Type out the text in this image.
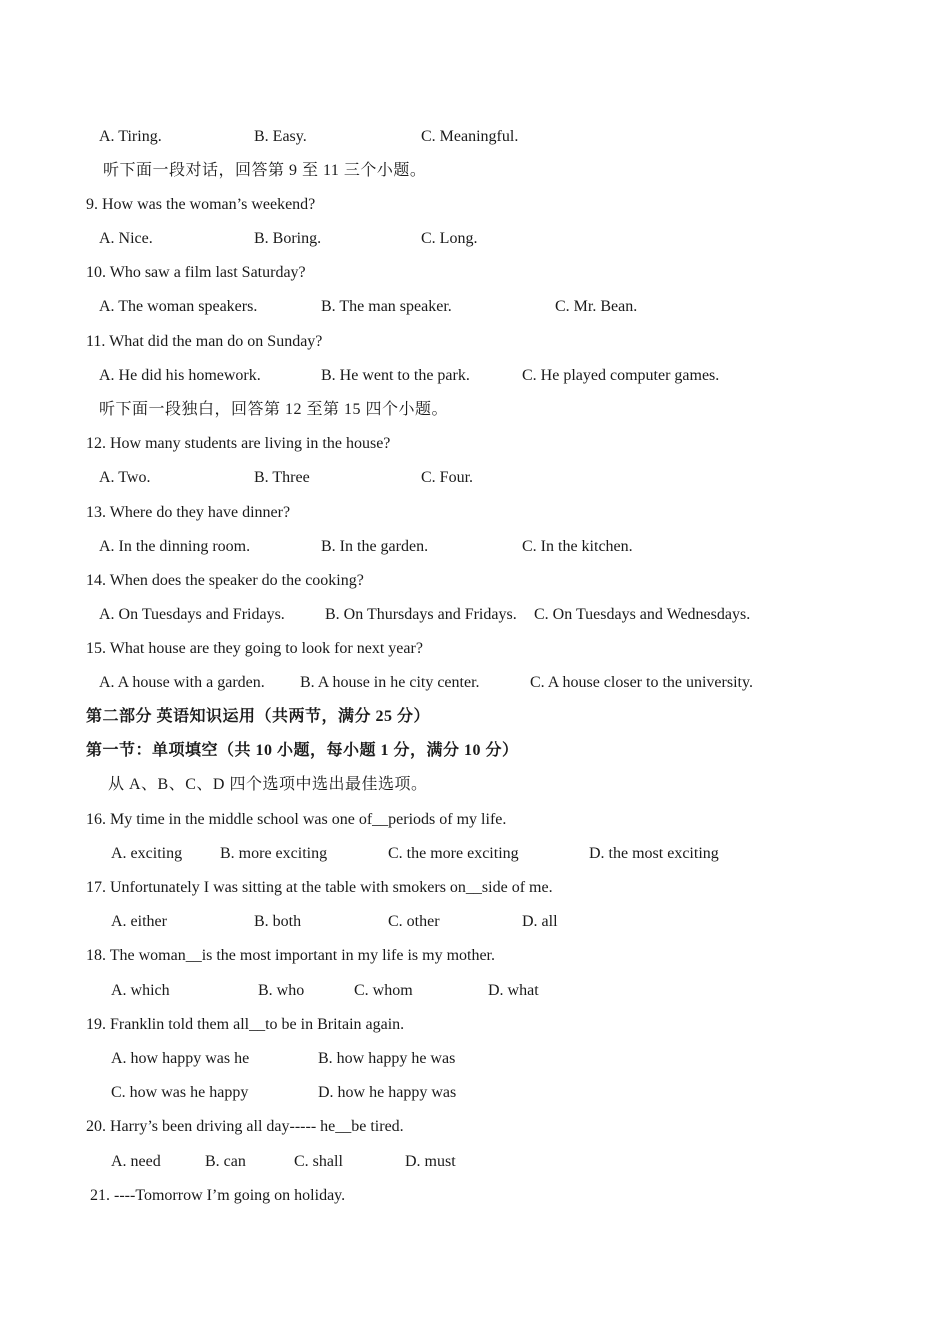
A. Tiring.	B. Easy.	C. Meaningful.
听下面一段对话，回答第 9 至 11 三个小题。
9. How was the woman’s weekend?
A. Nice.	B. Boring.	C. Long.
10. Who saw a film last Saturday?
A. The woman speakers.	B. The man speaker.	C. Mr. Bean.
11. What did the man do on Sunday?
A. He did his homework.	B. He went to the park.	C. He played computer games.
听下面一段独白，回答第 12 至第 15 四个小题。
12. How many students are living in the house?
A. Two.	B. Three	C. Four.
13. Where do they have dinner?
A. In the dinning room.	B. In the garden.	C. In the kitchen.
14. When does the speaker do the cooking?
A. On Tuesdays and Fridays.	B. On Thursdays and Fridays. C. On Tuesdays and Wednesdays.
15. What house are they going to look for next year?
A. A house with a garden. B. A house in he city center.	C. A house closer to the university.
第二部分 英语知识运用（共两节，满分 25 分）
第一节：单项填空（共 10 小题，每小题 1 分，满分 10 分）
从 A、B、C、D 四个选项中选出最佳选项。
16. My time in the middle school was one of__periods of my life.
A. exciting B. more exciting	C. the more exciting	D. the most exciting
17. Unfortunately I was sitting at the table with smokers on__side of me.
A. either	B. both	C. other	D. all
18. The woman__is the most important in my life is my mother.
A. which	B. who	C. whom	D. what
19. Franklin told them all__to be in Britain again.
A. how happy was he	B. how happy he was
C. how was he happy	D. how he happy was
20. Harry’s been driving all day----- he__be tired.
A. need	B. can	C. shall	D. must
21. ----Tomorrow I’m going on holiday.
